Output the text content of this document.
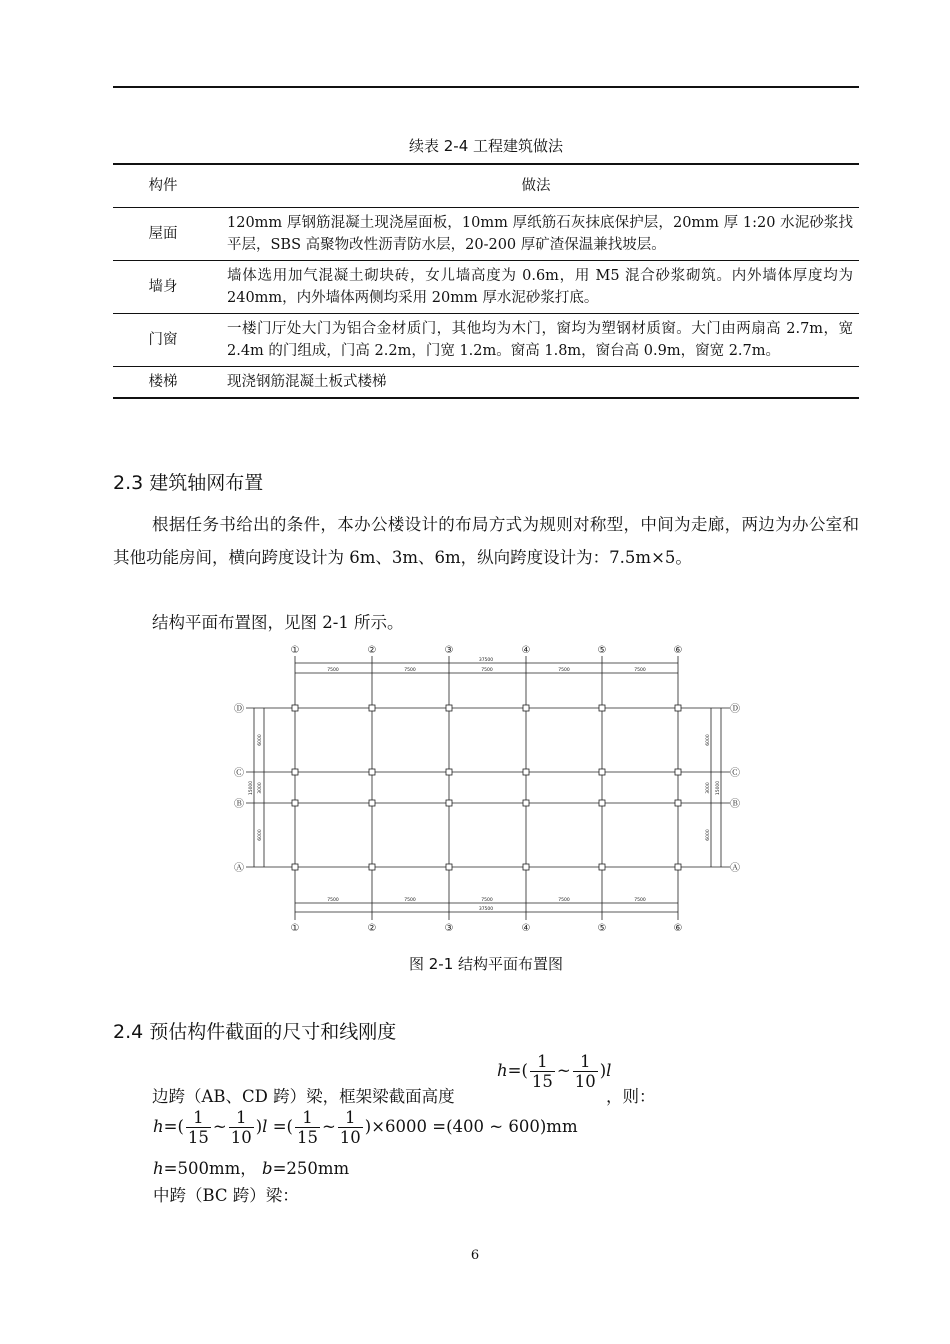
续表 2-4 工程建筑做法
构件	做法
屋面	120mm 厚钢筋混凝土现浇屋面板，10mm 厚纸筋石灰抹底保护层，20mm 厚 1:20 水泥砂浆找平层，SBS 高聚物改性沥青防水层，20-200 厚矿渣保温兼找坡层。
墙身	墙体选用加气混凝土砌块砖，女儿墙高度为 0.6m，用 M5 混合砂浆砌筑。内外墙体厚度均为 240mm，内外墙体两侧均采用 20mm 厚水泥砂浆打底。
门窗	一楼门厅处大门为铝合金材质门，其他均为木门，窗均为塑钢材质窗。大门由两扇高 2.7m，宽 2.4m 的门组成，门高 2.2m，门宽 1.2m。窗高 1.8m，窗台高 0.9m，窗宽 2.7m。
楼梯	现浇钢筋混凝土板式楼梯
2.3 建筑轴网布置
根据任务书给出的条件，本办公楼设计的布局方式为规则对称型，中间为走廊，两边为办公室和其他功能房间，横向跨度设计为 6m、3m、6m，纵向跨度设计为：7.5m×5。
结构平面布置图，见图 2-1 所示。
①	②	③	④	⑤	⑥
①	②	③	④	⑤	⑥
Ⓓ
Ⓒ
Ⓑ
Ⓐ
Ⓓ
Ⓒ
Ⓑ
Ⓐ
37500
7500	7500	7500	7500	7500
7500	7500	7500	7500	7500
37500
6000
3000
6000
15000
6000
3000
6000
15000
图 2-1 结构平面布置图
2.4 预估构件截面的尺寸和线刚度
$h=( \frac{1}{15}$ ~ $\frac{1}{10} )l$
边跨（AB、CD 跨）梁，框架梁截面高度	，则：
$h=( \frac{1}{15}$ ~ $\frac{1}{10} )l$ =( $\frac{1}{15}$ ~ $\frac{1}{10} )\times 6000 =(400$ ~ 600)mm
h=500mm， b=250mm
中跨（BC 跨）梁：
6
